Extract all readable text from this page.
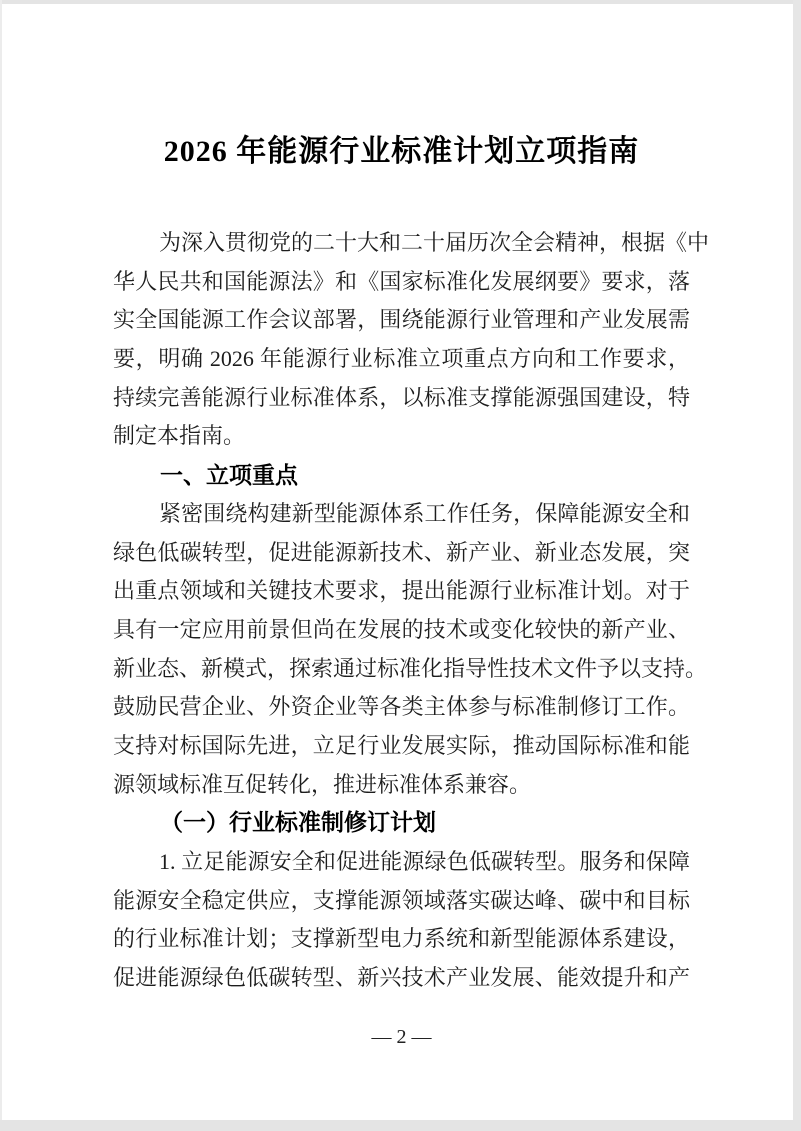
2026 年能源行业标准计划立项指南
为深入贯彻党的二十大和二十届历次全会精神，根据《中
华人民共和国能源法》和《国家标准化发展纲要》要求，落
实全国能源工作会议部署，围绕能源行业管理和产业发展需
要，明确 2026 年能源行业标准立项重点方向和工作要求，
持续完善能源行业标准体系，以标准支撑能源强国建设，特
制定本指南。
一、立项重点
紧密围绕构建新型能源体系工作任务，保障能源安全和
绿色低碳转型，促进能源新技术、新产业、新业态发展，突
出重点领域和关键技术要求，提出能源行业标准计划。对于
具有一定应用前景但尚在发展的技术或变化较快的新产业、
新业态、新模式，探索通过标准化指导性技术文件予以支持。
鼓励民营企业、外资企业等各类主体参与标准制修订工作。
支持对标国际先进，立足行业发展实际，推动国际标准和能
源领域标准互促转化，推进标准体系兼容。
（一）行业标准制修订计划
1. 立足能源安全和促进能源绿色低碳转型。服务和保障
能源安全稳定供应，支撑能源领域落实碳达峰、碳中和目标
的行业标准计划；支撑新型电力系统和新型能源体系建设，
促进能源绿色低碳转型、新兴技术产业发展、能效提升和产
— 2 —
